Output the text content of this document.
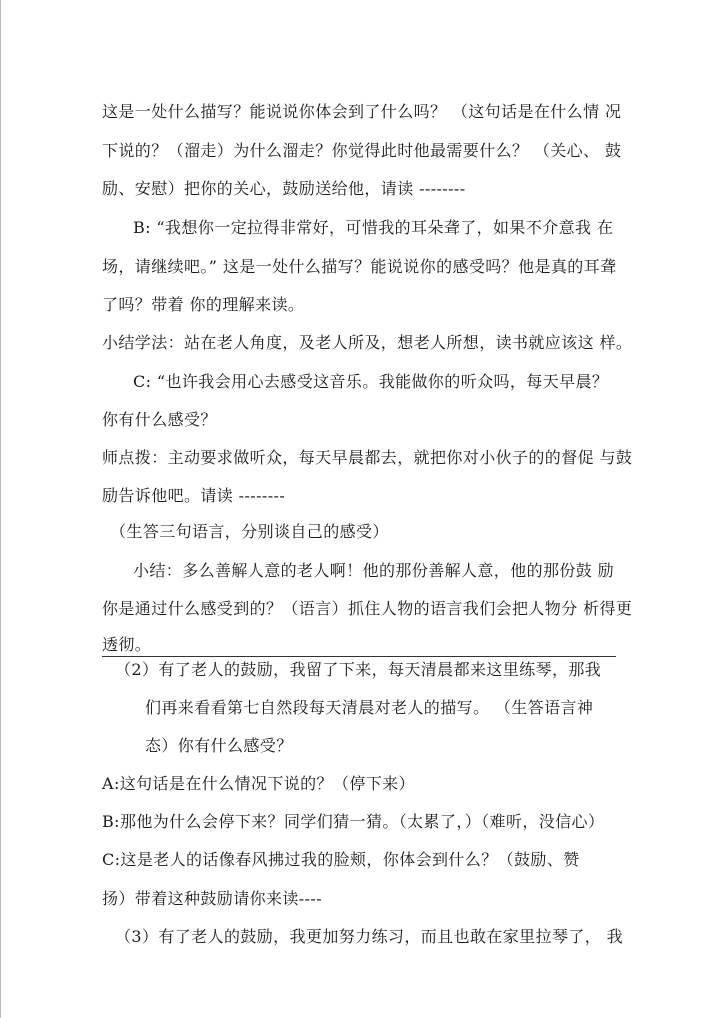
这是一处什么描写？能说说你体会到了什么吗？ （这句话是在什么情 况
下说的？（溜走）为什么溜走？你觉得此时他最需要什么？ （关心、 鼓
励、安慰）把你的关心，鼓励送给他，请读 --------
B: “我想你一定拉得非常好，可惜我的耳朵聋了，如果不介意我 在
场，请继续吧。” 这是一处什么描写？能说说你的感受吗？他是真的耳聋
了吗？带着 你的理解来读。
小结学法：站在老人角度，及老人所及，想老人所想，读书就应该这 样。
C: “也许我会用心去感受这音乐。我能做你的听众吗，每天早晨？
你有什么感受？
师点拨：主动要求做听众，每天早晨都去，就把你对小伙子的的督促 与鼓
励告诉他吧。请读 --------
（生答三句语言，分别谈自己的感受）
小结：多么善解人意的老人啊！他的那份善解人意，他的那份鼓 励
你是通过什么感受到的？（语言）抓住人物的语言我们会把人物分 析得更
透彻。
（2）有了老人的鼓励，我留了下来，每天清晨都来这里练琴，那我
们再来看看第七自然段每天清晨对老人的描写。 （生答语言神
态）你有什么感受？
A:这句话是在什么情况下说的？（停下来）
B:那他为什么会停下来？同学们猜一猜。（太累了，）（难听，没信心）
C:这是老人的话像春风拂过我的脸颊，你体会到什么？（鼓励、赞
扬）带着这种鼓励请你来读----
（3）有了老人的鼓励，我更加努力练习，而且也敢在家里拉琴了， 我
